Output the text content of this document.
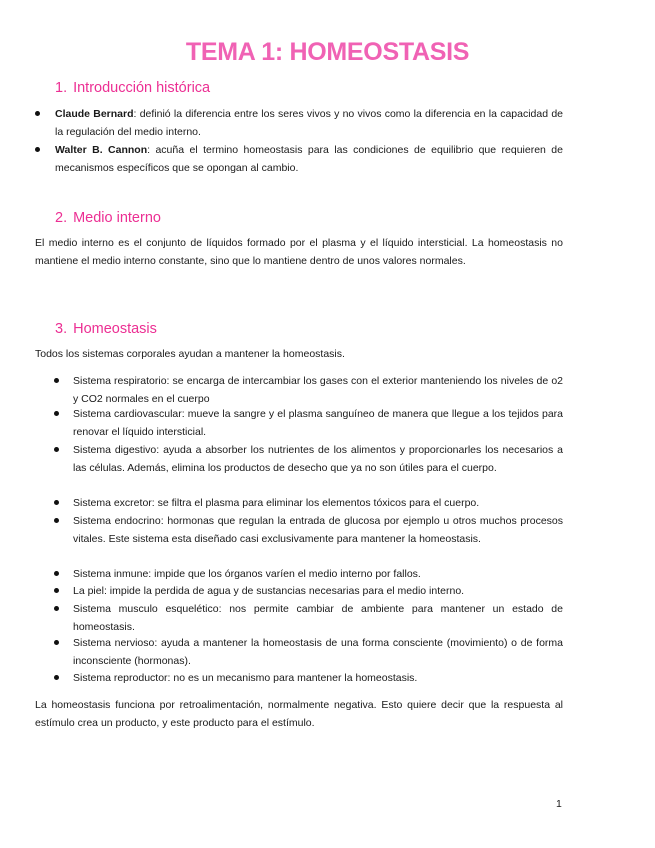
TEMA 1: HOMEOSTASIS
1. Introducción histórica
Claude Bernard: definió la diferencia entre los seres vivos y no vivos como la diferencia en la capacidad de la regulación del medio interno.
Walter B. Cannon: acuña el termino homeostasis para las condiciones de equilibrio que requieren de mecanismos específicos que se opongan al cambio.
2. Medio interno

El medio interno es el conjunto de líquidos formado por el plasma y el líquido intersticial. La homeostasis no mantiene el medio interno constante, sino que lo mantiene dentro de unos valores normales.

3. Homeostasis

Todos los sistemas corporales ayudan a mantener la homeostasis.

Sistema respiratorio: se encarga de intercambiar los gases con el exterior manteniendo los niveles de o2 y CO2 normales en el cuerpo
Sistema cardiovascular: mueve la sangre y el plasma sanguíneo de manera que llegue a los tejidos para renovar el líquido intersticial.
Sistema digestivo: ayuda a absorber los nutrientes de los alimentos y proporcionarles los necesarios a las células. Además, elimina los productos de desecho que ya no son útiles para el cuerpo.
Sistema excretor: se filtra el plasma para eliminar los elementos tóxicos para el cuerpo.
Sistema endocrino: hormonas que regulan la entrada de glucosa por ejemplo u otros muchos procesos vitales. Este sistema esta diseñado casi exclusivamente para mantener la homeostasis.
Sistema inmune: impide que los órganos varíen el medio interno por fallos.
La piel: impide la perdida de agua y de sustancias necesarias para el medio interno.
Sistema musculo esquelético: nos permite cambiar de ambiente para mantener un estado de homeostasis.
Sistema nervioso: ayuda a mantener la homeostasis de una forma consciente (movimiento) o de forma inconsciente (hormonas).
Sistema reproductor: no es un mecanismo para mantener la homeostasis.

La homeostasis funciona por retroalimentación, normalmente negativa. Esto quiere decir que la respuesta al estímulo crea un producto, y este producto para el estímulo.

1
